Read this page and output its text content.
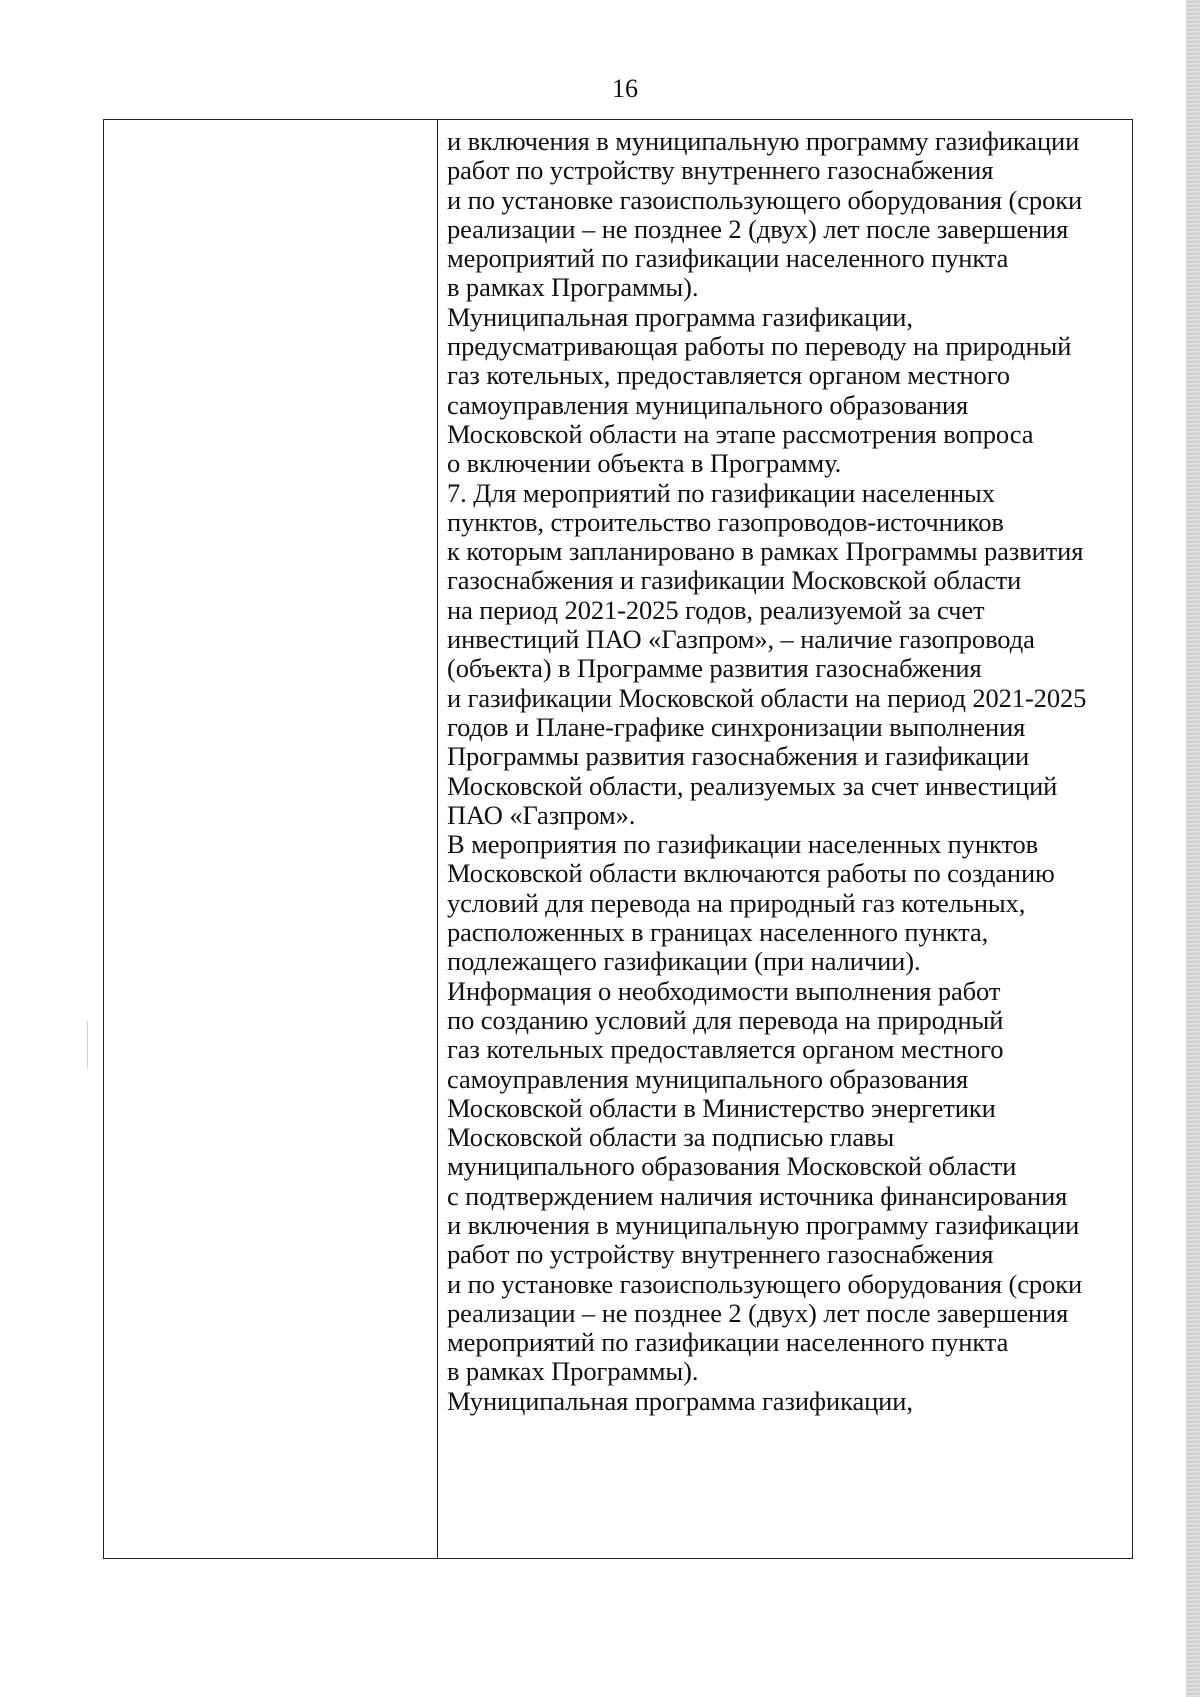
16
и включения в муниципальную программу газификации
работ по устройству внутреннего газоснабжения
и по установке газоиспользующего оборудования (сроки
реализации – не позднее 2 (двух) лет после завершения
мероприятий по газификации населенного пункта
в рамках Программы).
Муниципальная программа газификации,
предусматривающая работы по переводу на природный
газ котельных, предоставляется органом местного
самоуправления муниципального образования
Московской области на этапе рассмотрения вопроса
о включении объекта в Программу.
7. Для мероприятий по газификации населенных
пунктов, строительство газопроводов-источников
к которым запланировано в рамках Программы развития
газоснабжения и газификации Московской области
на период 2021-2025 годов, реализуемой за счет
инвестиций ПАО «Газпром», – наличие газопровода
(объекта) в Программе развития газоснабжения
и газификации Московской области на период 2021-2025
годов и Плане-графике синхронизации выполнения
Программы развития газоснабжения и газификации
Московской области, реализуемых за счет инвестиций
ПАО «Газпром».
В мероприятия по газификации населенных пунктов
Московской области включаются работы по созданию
условий для перевода на природный газ котельных,
расположенных в границах населенного пункта,
подлежащего газификации (при наличии).
Информация о необходимости выполнения работ
по созданию условий для перевода на природный
газ котельных предоставляется органом местного
самоуправления муниципального образования
Московской области в Министерство энергетики
Московской области за подписью главы
муниципального образования Московской области
с подтверждением наличия источника финансирования
и включения в муниципальную программу газификации
работ по устройству внутреннего газоснабжения
и по установке газоиспользующего оборудования (сроки
реализации – не позднее 2 (двух) лет после завершения
мероприятий по газификации населенного пункта
в рамках Программы).
Муниципальная программа газификации,
